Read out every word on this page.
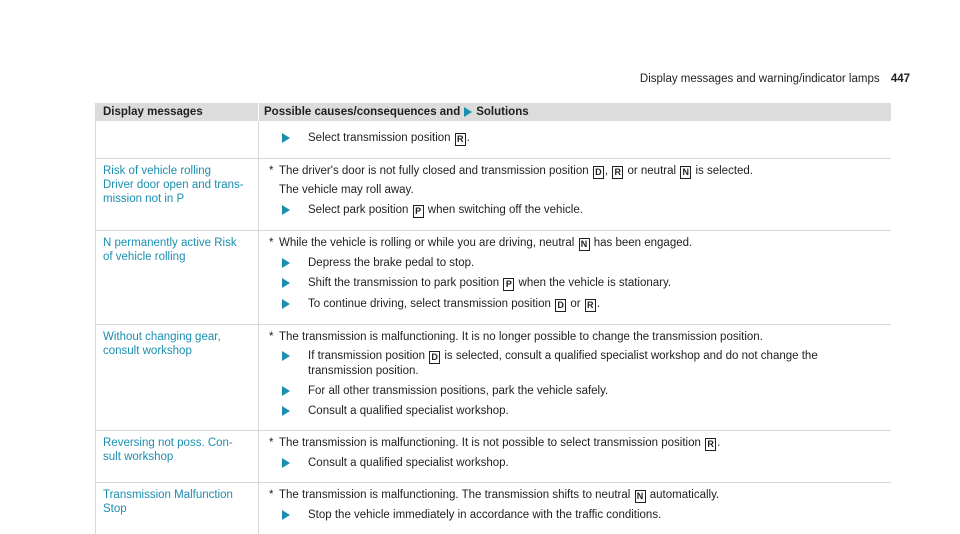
Display messages and warning/indicator lamps 447
Display messages	Possible causes/consequences and Solutions
Select transmission position R .
Risk of vehicle rolling
Driver door open and trans-
mission not in P
* The driver's door is not fully closed and transmission position D , R or neutral N is selected.
The vehicle may roll away.
Select park position P when switching off the vehicle.
N permanently active Risk
of vehicle rolling
* While the vehicle is rolling or while you are driving, neutral N has been engaged.
Depress the brake pedal to stop.
Shift the transmission to park position P when the vehicle is stationary.
To continue driving, select transmission position D or R .
Without changing gear,
consult workshop
* The transmission is malfunctioning. It is no longer possible to change the transmission position.
If transmission position D is selected, consult a qualified specialist workshop and do not change the transmission position.
For all other transmission positions, park the vehicle safely.
Consult a qualified specialist workshop.
Reversing not poss. Con-
sult workshop
* The transmission is malfunctioning. It is not possible to select transmission position R .
Consult a qualified specialist workshop.
Transmission Malfunction
Stop
* The transmission is malfunctioning. The transmission shifts to neutral N automatically.
Stop the vehicle immediately in accordance with the traffic conditions.
